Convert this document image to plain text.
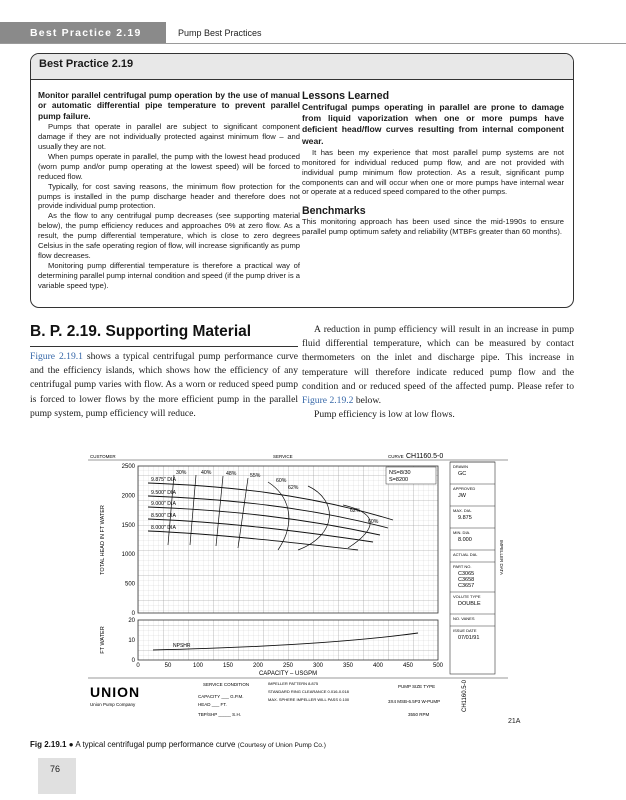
Best Practice 2.19	Pump Best Practices
Best Practice 2.19

Monitor parallel centrifugal pump operation by the use of manual or automatic differential pipe temperature to prevent parallel pump failure.

Pumps that operate in parallel are subject to significant component damage if they are not individually protected against minimum flow – and usually they are not.

When pumps operate in parallel, the pump with the lowest head produced (worn pump and/or pump operating at the lowest speed) will be forced to reduced flow.

Typically, for cost saving reasons, the minimum flow protection for the pumps is installed in the pump discharge header and therefore does not provide individual pump protection.

As the flow to any centrifugal pump decreases (see supporting material below), the pump efficiency reduces and approaches 0% at zero flow. As a result, the pump differential temperature, which is close to zero degrees Celsius in the safe operating region of flow, will increase significantly as pump flow decreases.

Monitoring pump differential temperature is therefore a practical way of determining parallel pump internal condition and speed (if the pump driver is a variable speed type).

Lessons Learned

Centrifugal pumps operating in parallel are prone to damage from liquid vaporization when one or more pumps have deficient head/flow curves resulting from internal component wear.

It has been my experience that most parallel pump systems are not monitored for individual reduced pump flow, and are not provided with individual pump minimum flow protection. As a result, significant pump components can and will occur when one or more pumps have internal wear or operate at a reduced speed compared to the other pumps.

Benchmarks

This monitoring approach has been used since the mid-1990s to ensure parallel pump optimum safety and reliability (MTBFs greater than 60 months).

B. P. 2.19. Supporting Material

Figure 2.19.1 shows a typical centrifugal pump performance curve and the efficiency islands, which shows how the efficiency of any centrifugal pump varies with flow. As a worn or reduced speed pump is forced to lower flows by the more efficient pump in the parallel pump system, pump efficiency will reduce.

A reduction in pump efficiency will result in an increase in pump fluid differential temperature, which can be measured by contact thermometers on the inlet and discharge pipe. This increase in temperature will therefore indicate reduced pump flow and the condition and or reduced speed of the affected pump. Please refer to Figure 2.19.2 below.

Pump efficiency is low at low flows.

CUSTOMER	SERVICE	CURVE CH1160.5-0
2500
2000
1500
1000
500
0
20
10
0
0	50	100	150	200	250	300	350	400	450	500
TOTAL HEAD IN FT WATER
FT WATER
CAPACITY – USGPM
9.875" DIA
9.500" DIA
9.000" DIA
8.500" DIA
8.000" DIA
30%	40%	48%	55%
60%
62%
62%
60%
NS=8/30
S=8200
NPSHR
DRAWN
GC
APPROVED
JW
MAX. DIA.
9.875
MIN. DIA.
8.000
ACTUAL DIA.
PART NO.
C3065
C3658
C3657
VOLUTE TYPE
DOUBLE
NO. VANES
ISSUE DATE
07/01/91
IMPELLER DATA
UNION
Union Pump Company
SERVICE CONDITION
CAPACITY ___ G.P.M.
HEAD ___ FT.
TBP/SHP _____ S.H.
IMPELLER PATTERN 8.875
STANDARD RING CLEARANCE 0.016-0.018
MAX. SPHERE IMPELLER WILL PASS 0.100
PUMP SIZE TYPE
3X4 MSB-6.5P3 W-PUMP
3550 RPM
CH1160.5-0
21A
Fig 2.19.1 ● A typical centrifugal pump performance curve (Courtesy of Union Pump Co.)
76
